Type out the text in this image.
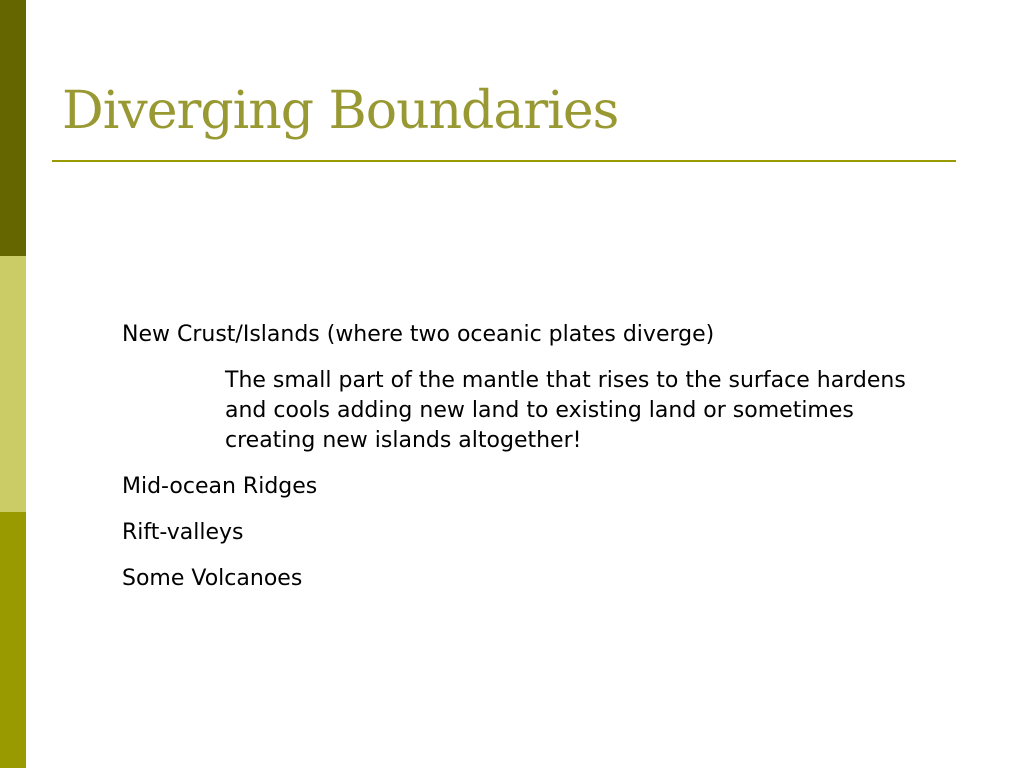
Diverging Boundaries
New Crust/Islands (where two oceanic plates diverge)
The small part of the mantle that rises to the surface hardens and cools adding new land to existing land or sometimes creating new islands altogether!
Mid-ocean Ridges
Rift-valleys
Some Volcanoes
